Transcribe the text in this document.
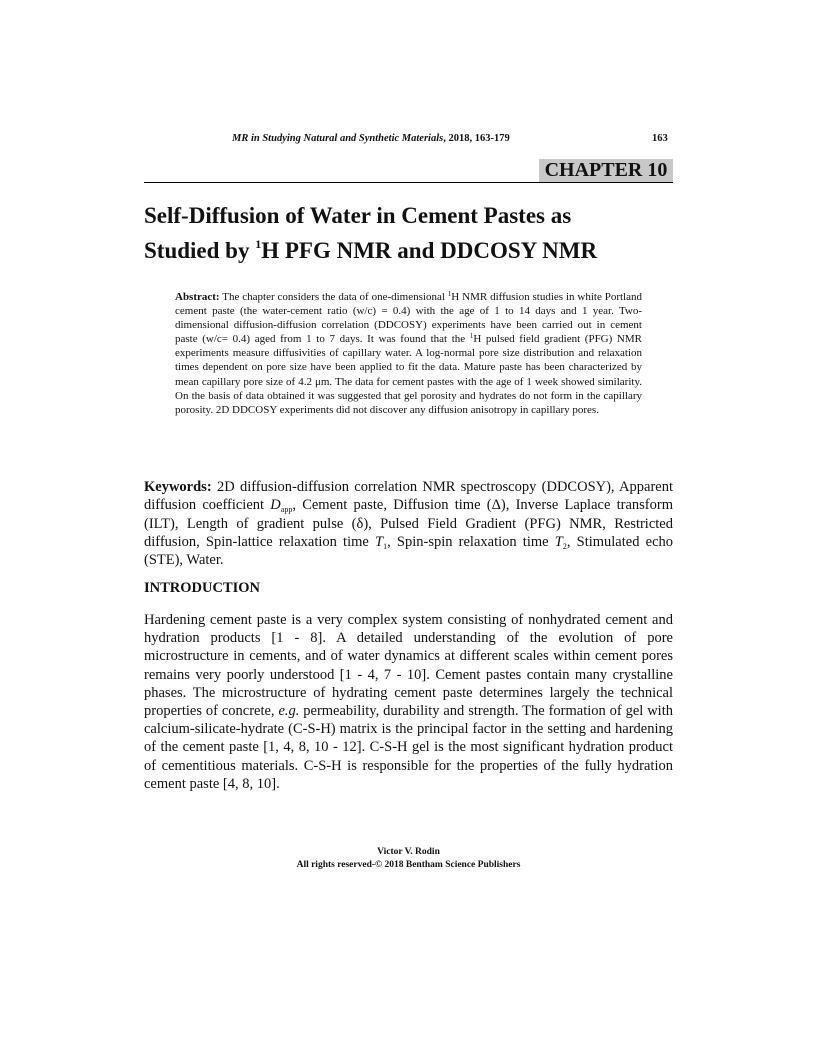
MR in Studying Natural and Synthetic Materials, 2018, 163-179	163
CHAPTER 10
Self-Diffusion of Water in Cement Pastes as
Studied by $^1$H PFG NMR and DDCOSY NMR
Abstract: The chapter considers the data of one-dimensional $^1$H NMR diffusion studies in white Portland cement paste (the water-cement ratio (w/c) = 0.4) with the age of 1 to 14 days and 1 year. Two-dimensional diffusion-diffusion correlation (DDCOSY) experiments have been carried out in cement paste (w/c= 0.4) aged from 1 to 7 days. It was found that the $^1$H pulsed field gradient (PFG) NMR experiments measure diffusivities of capillary water. A log-normal pore size distribution and relaxation times dependent on pore size have been applied to fit the data. Mature paste has been characterized by mean capillary pore size of 4.2 μm. The data for cement pastes with the age of 1 week showed similarity. On the basis of data obtained it was suggested that gel porosity and hydrates do not form in the capillary porosity. 2D DDCOSY experiments did not discover any diffusion anisotropy in capillary pores.
Keywords: 2D diffusion-diffusion correlation NMR spectroscopy (DDCOSY), Apparent diffusion coefficient $D_{app}$, Cement paste, Diffusion time (Δ), Inverse Laplace transform (ILT), Length of gradient pulse (δ), Pulsed Field Gradient (PFG) NMR, Restricted diffusion, Spin-lattice relaxation time $T_1$, Spin-spin relaxation time $T_2$, Stimulated echo (STE), Water.
INTRODUCTION
Hardening cement paste is a very complex system consisting of nonhydrated cement and hydration products [1 - 8]. A detailed understanding of the evolution of pore microstructure in cements, and of water dynamics at different scales within cement pores remains very poorly understood [1 - 4, 7 - 10]. Cement pastes contain many crystalline phases. The microstructure of hydrating cement paste determines largely the technical properties of concrete, e.g. permeability, durability and strength. The formation of gel with calcium-silicate-hydrate (C-S-H) matrix is the principal factor in the setting and hardening of the cement paste [1, 4, 8, 10 - 12]. C-S-H gel is the most significant hydration product of cementitious materials. C-S-H is responsible for the properties of the fully hydration cement paste [4, 8, 10].
Victor V. Rodin
All rights reserved-© 2018 Bentham Science Publishers
